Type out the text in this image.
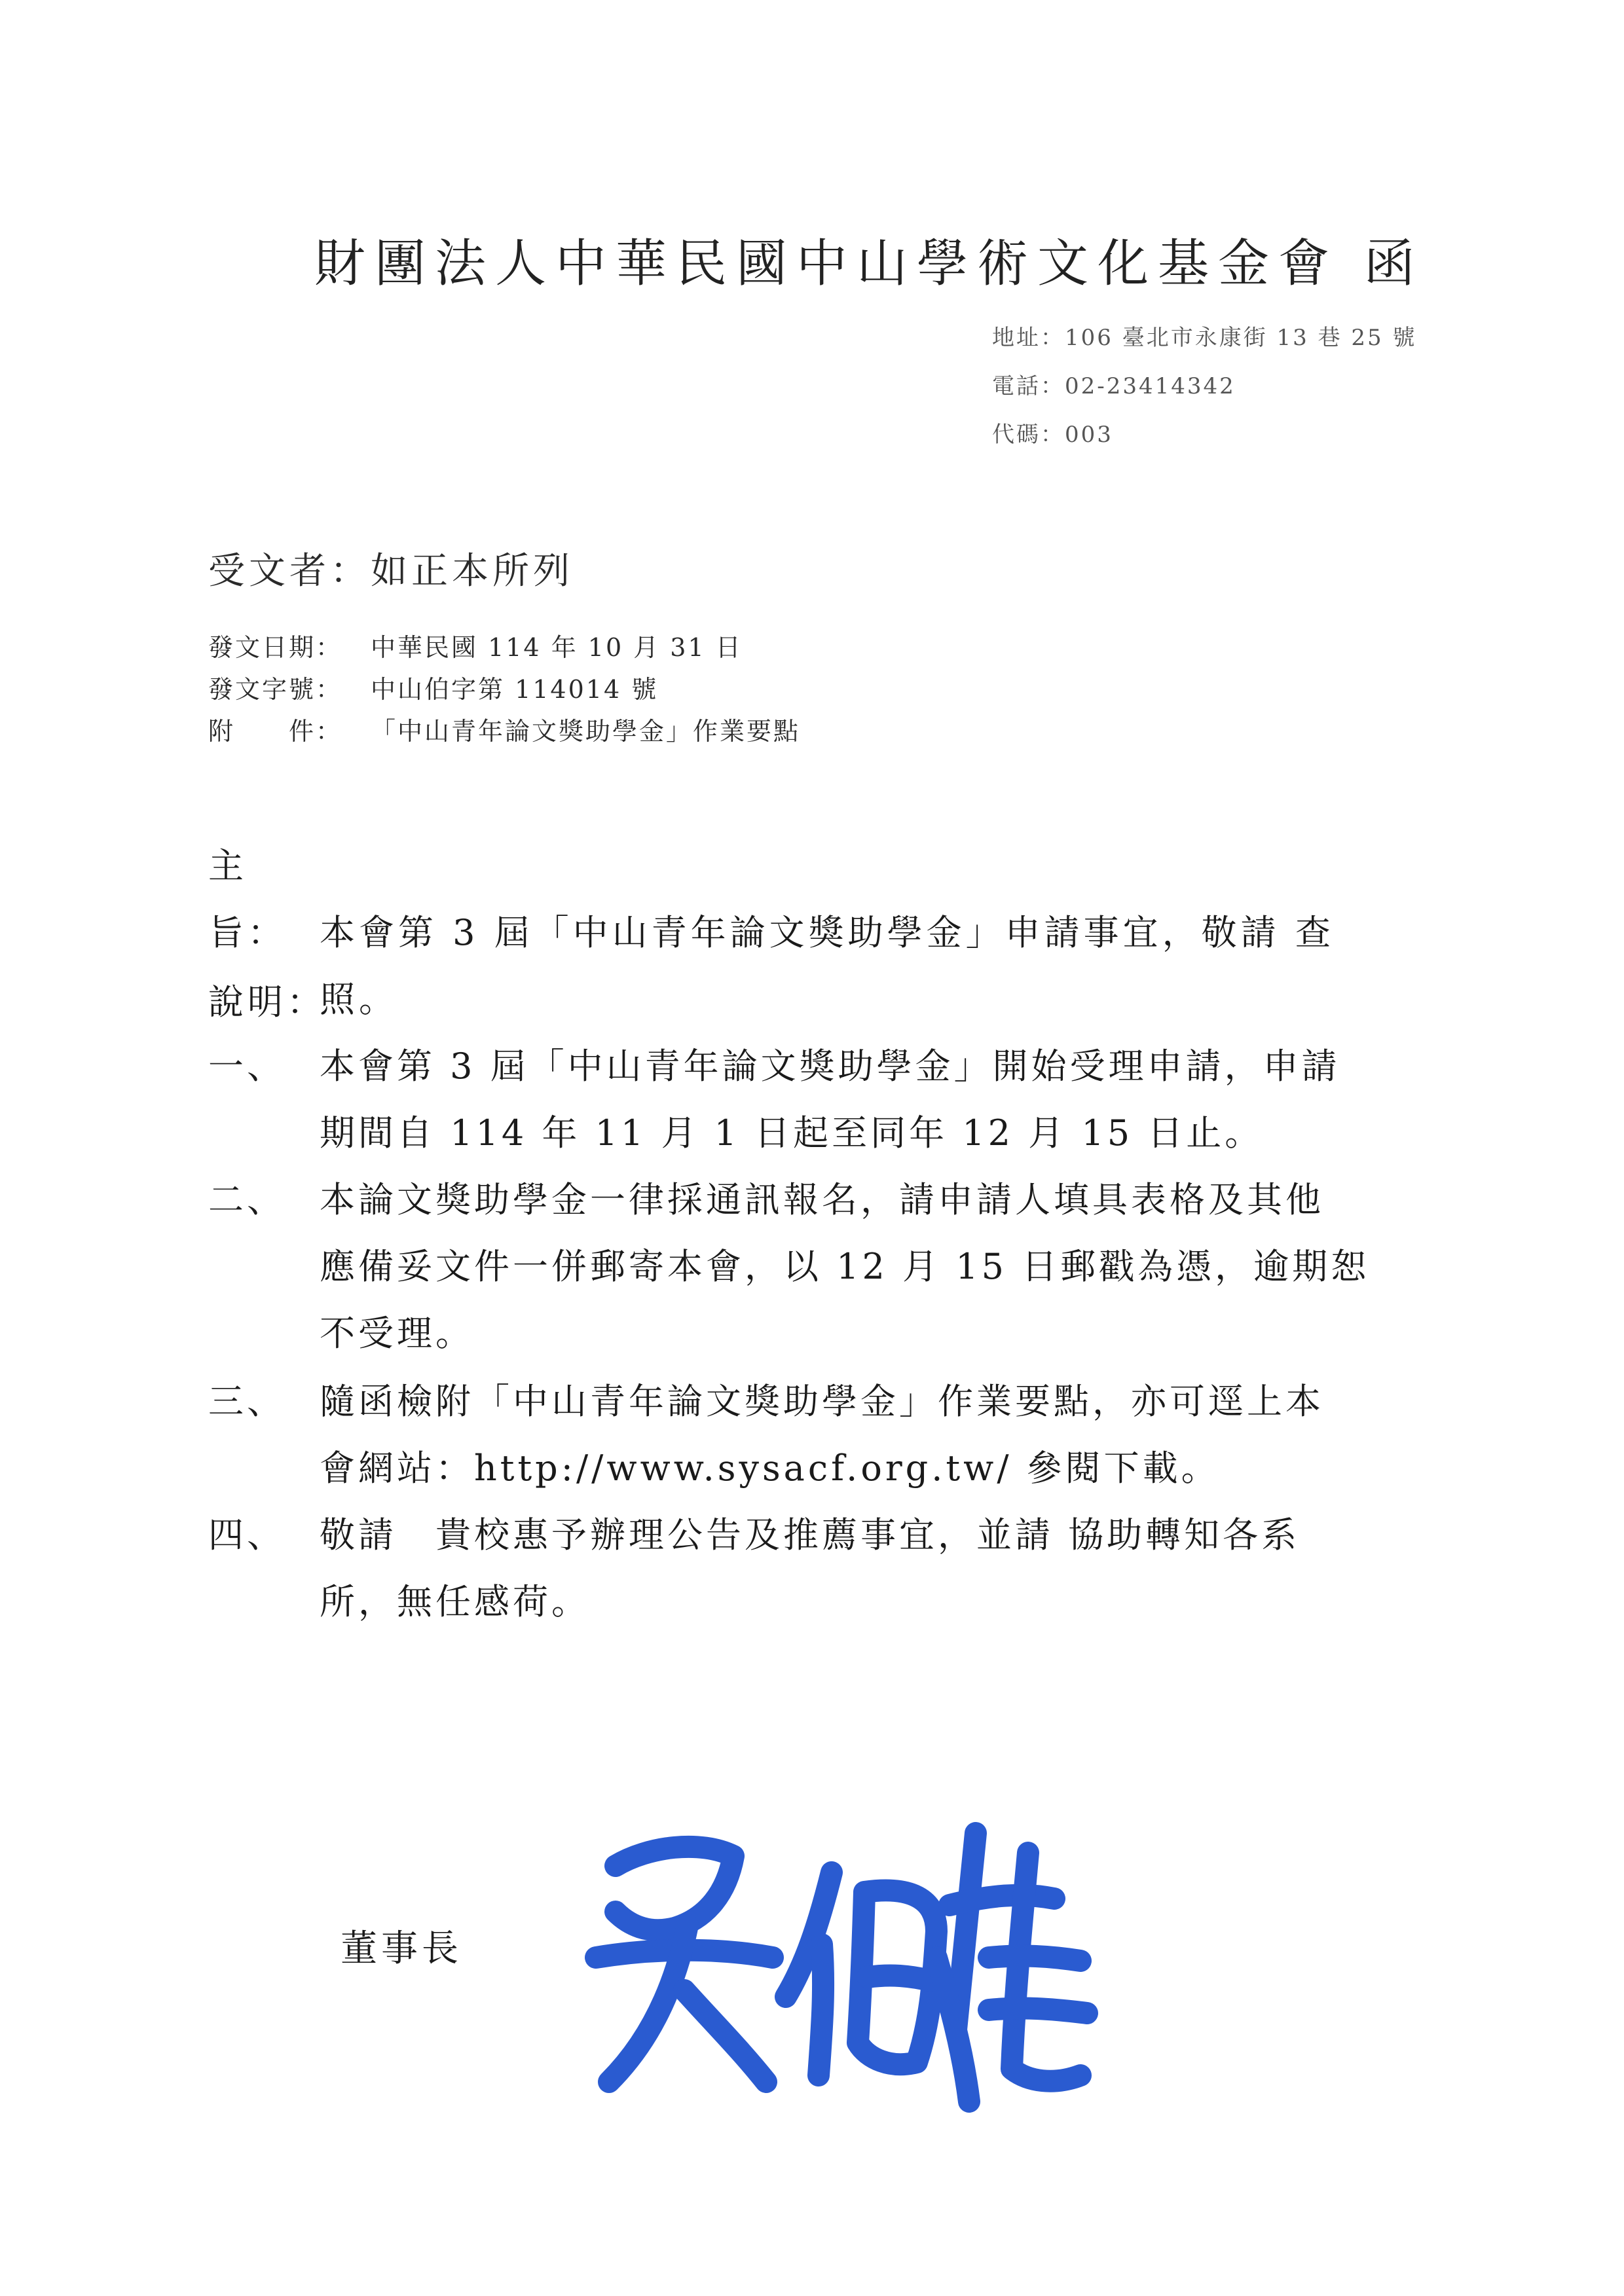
財團法人中華民國中山學術文化基金會 函
地址：106 臺北市永康街 13 巷 25 號
電話：02-23414342
代碼：003
受文者：如正本所列
發文日期： 中華民國 114 年 10 月 31 日
發文字號： 中山伯字第 114014 號
附　　件： 「中山青年論文獎助學金」作業要點
主旨： 本會第 3 屆「中山青年論文獎助學金」申請事宜，敬請 查
照。
說明：
一、 本會第 3 屆「中山青年論文獎助學金」開始受理申請，申請
期間自 114 年 11 月 1 日起至同年 12 月 15 日止。
二、 本論文獎助學金一律採通訊報名，請申請人填具表格及其他
應備妥文件一併郵寄本會，以 12 月 15 日郵戳為憑，逾期恕
不受理。
三、 隨函檢附「中山青年論文獎助學金」作業要點，亦可逕上本
會網站：http://www.sysacf.org.tw/ 參閱下載。
四、 敬請　貴校惠予辦理公告及推薦事宜，並請 協助轉知各系
所，無任感荷。
董事長
